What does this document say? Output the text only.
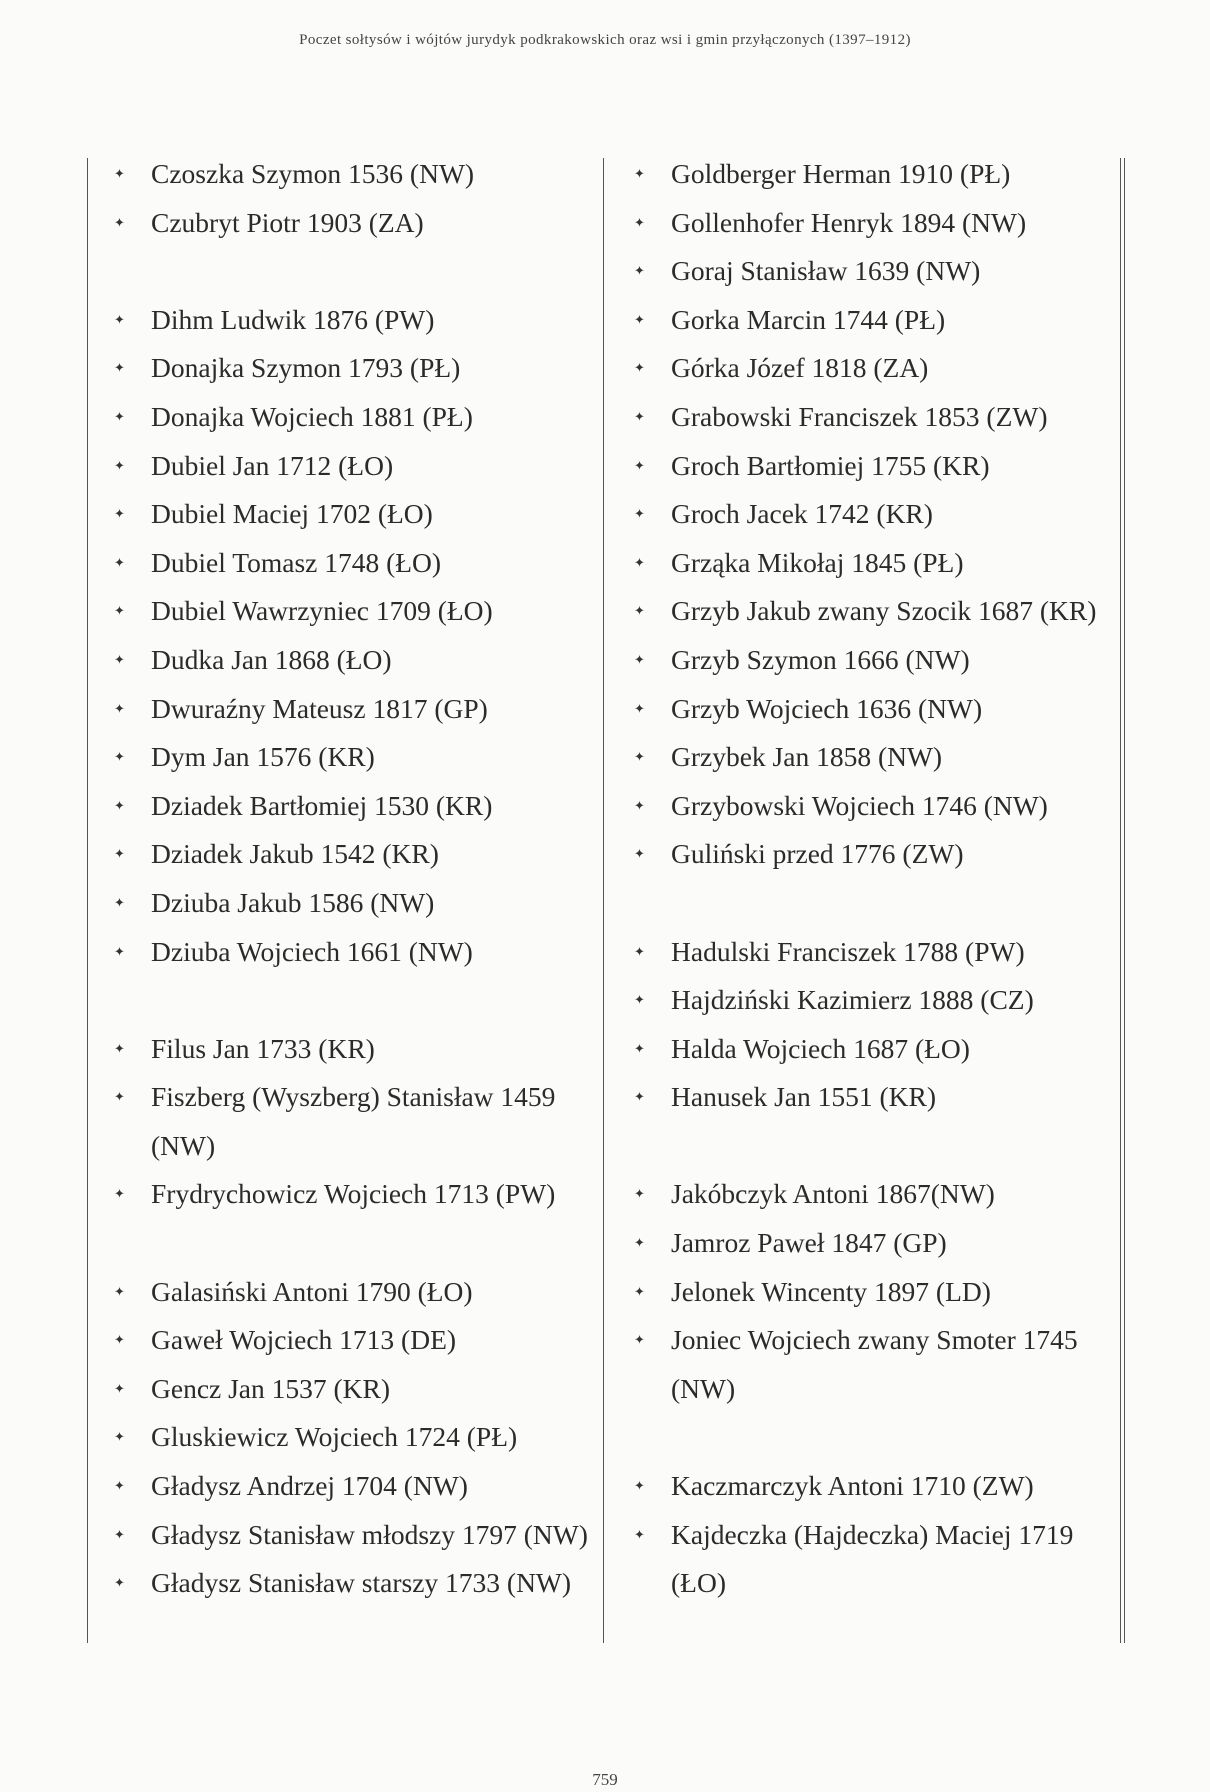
Poczet sołtysów i wójtów jurydyk podkrakowskich oraz wsi i gmin przyłączonych (1397–1912)
✦ Czoszka Szymon 1536 (NW)
✦ Czubryt Piotr 1903 (ZA)
✦ Dihm Ludwik 1876 (PW)
✦ Donajka Szymon 1793 (PŁ)
✦ Donajka Wojciech 1881 (PŁ)
✦ Dubiel Jan 1712 (ŁO)
✦ Dubiel Maciej 1702 (ŁO)
✦ Dubiel Tomasz 1748 (ŁO)
✦ Dubiel Wawrzyniec 1709 (ŁO)
✦ Dudka Jan 1868 (ŁO)
✦ Dwuraźny Mateusz 1817 (GP)
✦ Dym Jan 1576 (KR)
✦ Dziadek Bartłomiej 1530 (KR)
✦ Dziadek Jakub 1542 (KR)
✦ Dziuba Jakub 1586 (NW)
✦ Dziuba Wojciech 1661 (NW)
✦ Filus Jan 1733 (KR)
✦ Fiszberg (Wyszberg) Stanisław 1459 (NW)
✦ Frydrychowicz Wojciech 1713 (PW)
✦ Galasiński Antoni 1790 (ŁO)
✦ Gaweł Wojciech 1713 (DE)
✦ Gencz Jan 1537 (KR)
✦ Gluskiewicz Wojciech 1724 (PŁ)
✦ Gładysz Andrzej 1704 (NW)
✦ Gładysz Stanisław młodszy 1797 (NW)
✦ Gładysz Stanisław starszy 1733 (NW)
✦ Goldberger Herman 1910 (PŁ)
✦ Gollenhofer Henryk 1894 (NW)
✦ Goraj Stanisław 1639 (NW)
✦ Gorka Marcin 1744 (PŁ)
✦ Górka Józef 1818 (ZA)
✦ Grabowski Franciszek 1853 (ZW)
✦ Groch Bartłomiej 1755 (KR)
✦ Groch Jacek 1742 (KR)
✦ Grząka Mikołaj 1845 (PŁ)
✦ Grzyb Jakub zwany Szocik 1687 (KR)
✦ Grzyb Szymon 1666 (NW)
✦ Grzyb Wojciech 1636 (NW)
✦ Grzybek Jan 1858 (NW)
✦ Grzybowski Wojciech 1746 (NW)
✦ Guliński przed 1776 (ZW)
✦ Hadulski Franciszek 1788 (PW)
✦ Hajdziński Kazimierz 1888 (CZ)
✦ Halda Wojciech 1687 (ŁO)
✦ Hanusek Jan 1551 (KR)
✦ Jakóbczyk Antoni 1867(NW)
✦ Jamroz Paweł 1847 (GP)
✦ Jelonek Wincenty 1897 (LD)
✦ Joniec Wojciech zwany Smoter 1745 (NW)
✦ Kaczmarczyk Antoni 1710 (ZW)
✦ Kajdeczka (Hajdeczka) Maciej 1719 (ŁO)
759
